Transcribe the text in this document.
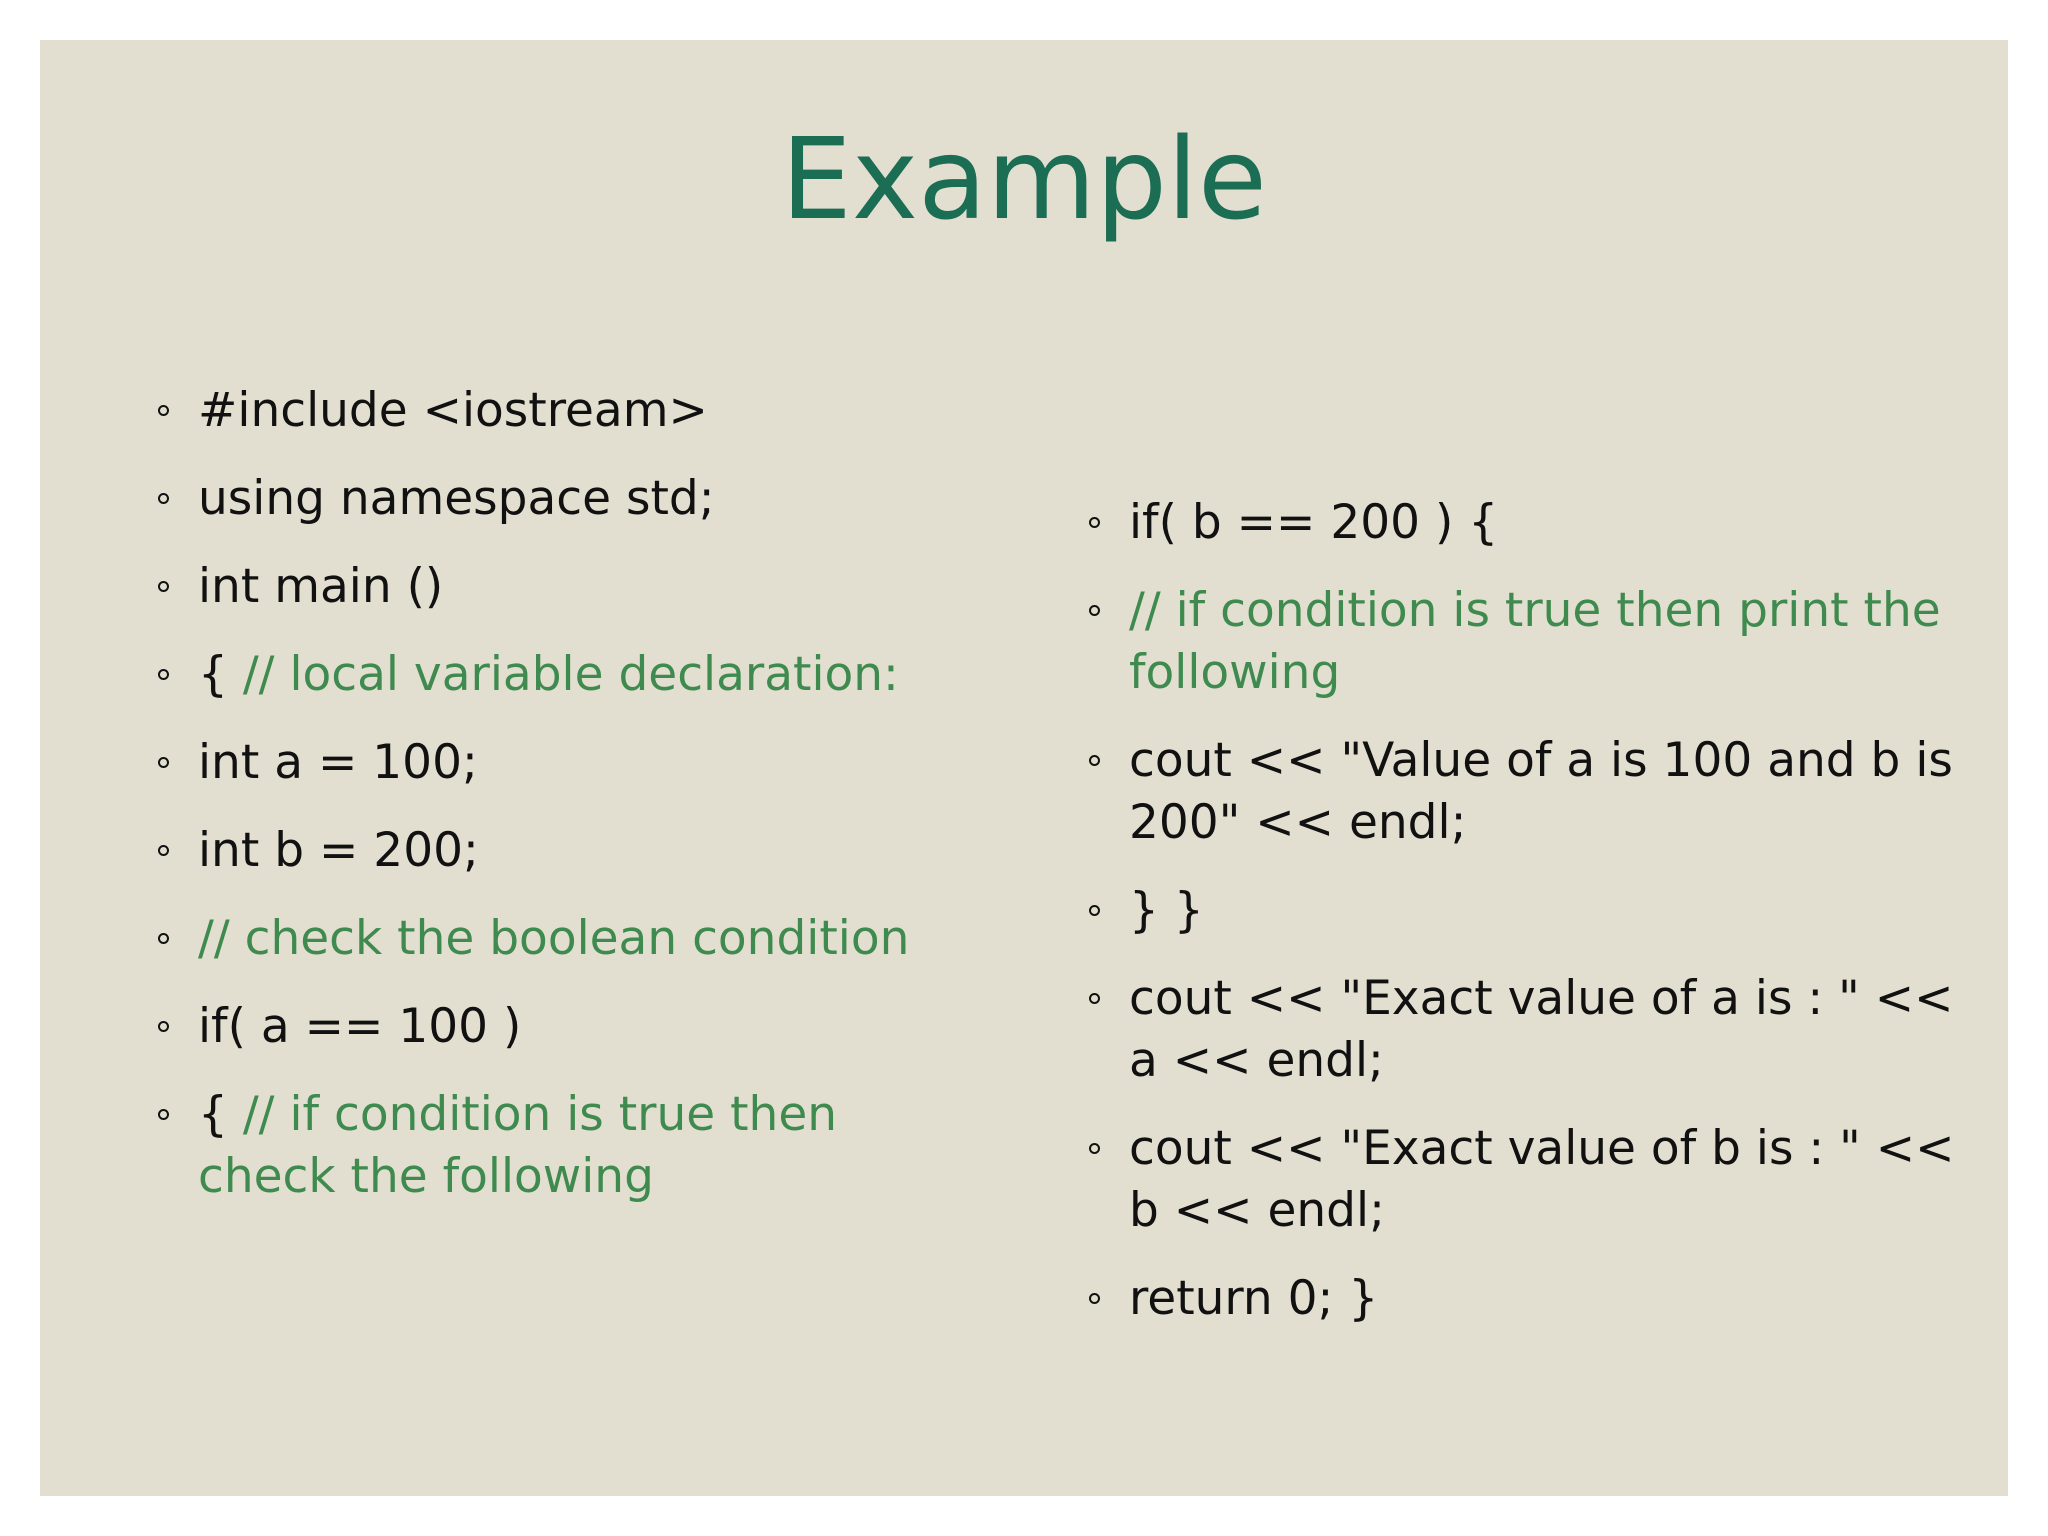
Example
#include <iostream>
using namespace std;
int main ()
{ // local variable declaration:
int a = 100;
int b = 200;
// check the boolean condition
if( a == 100 )
{ // if condition is true then check the following
if( b == 200 ) {
// if condition is true then print the following
cout << "Value of a is 100 and b is 200" << endl;
} }
cout << "Exact value of a is : " << a << endl;
cout << "Exact value of b is : " << b << endl;
return 0; }
